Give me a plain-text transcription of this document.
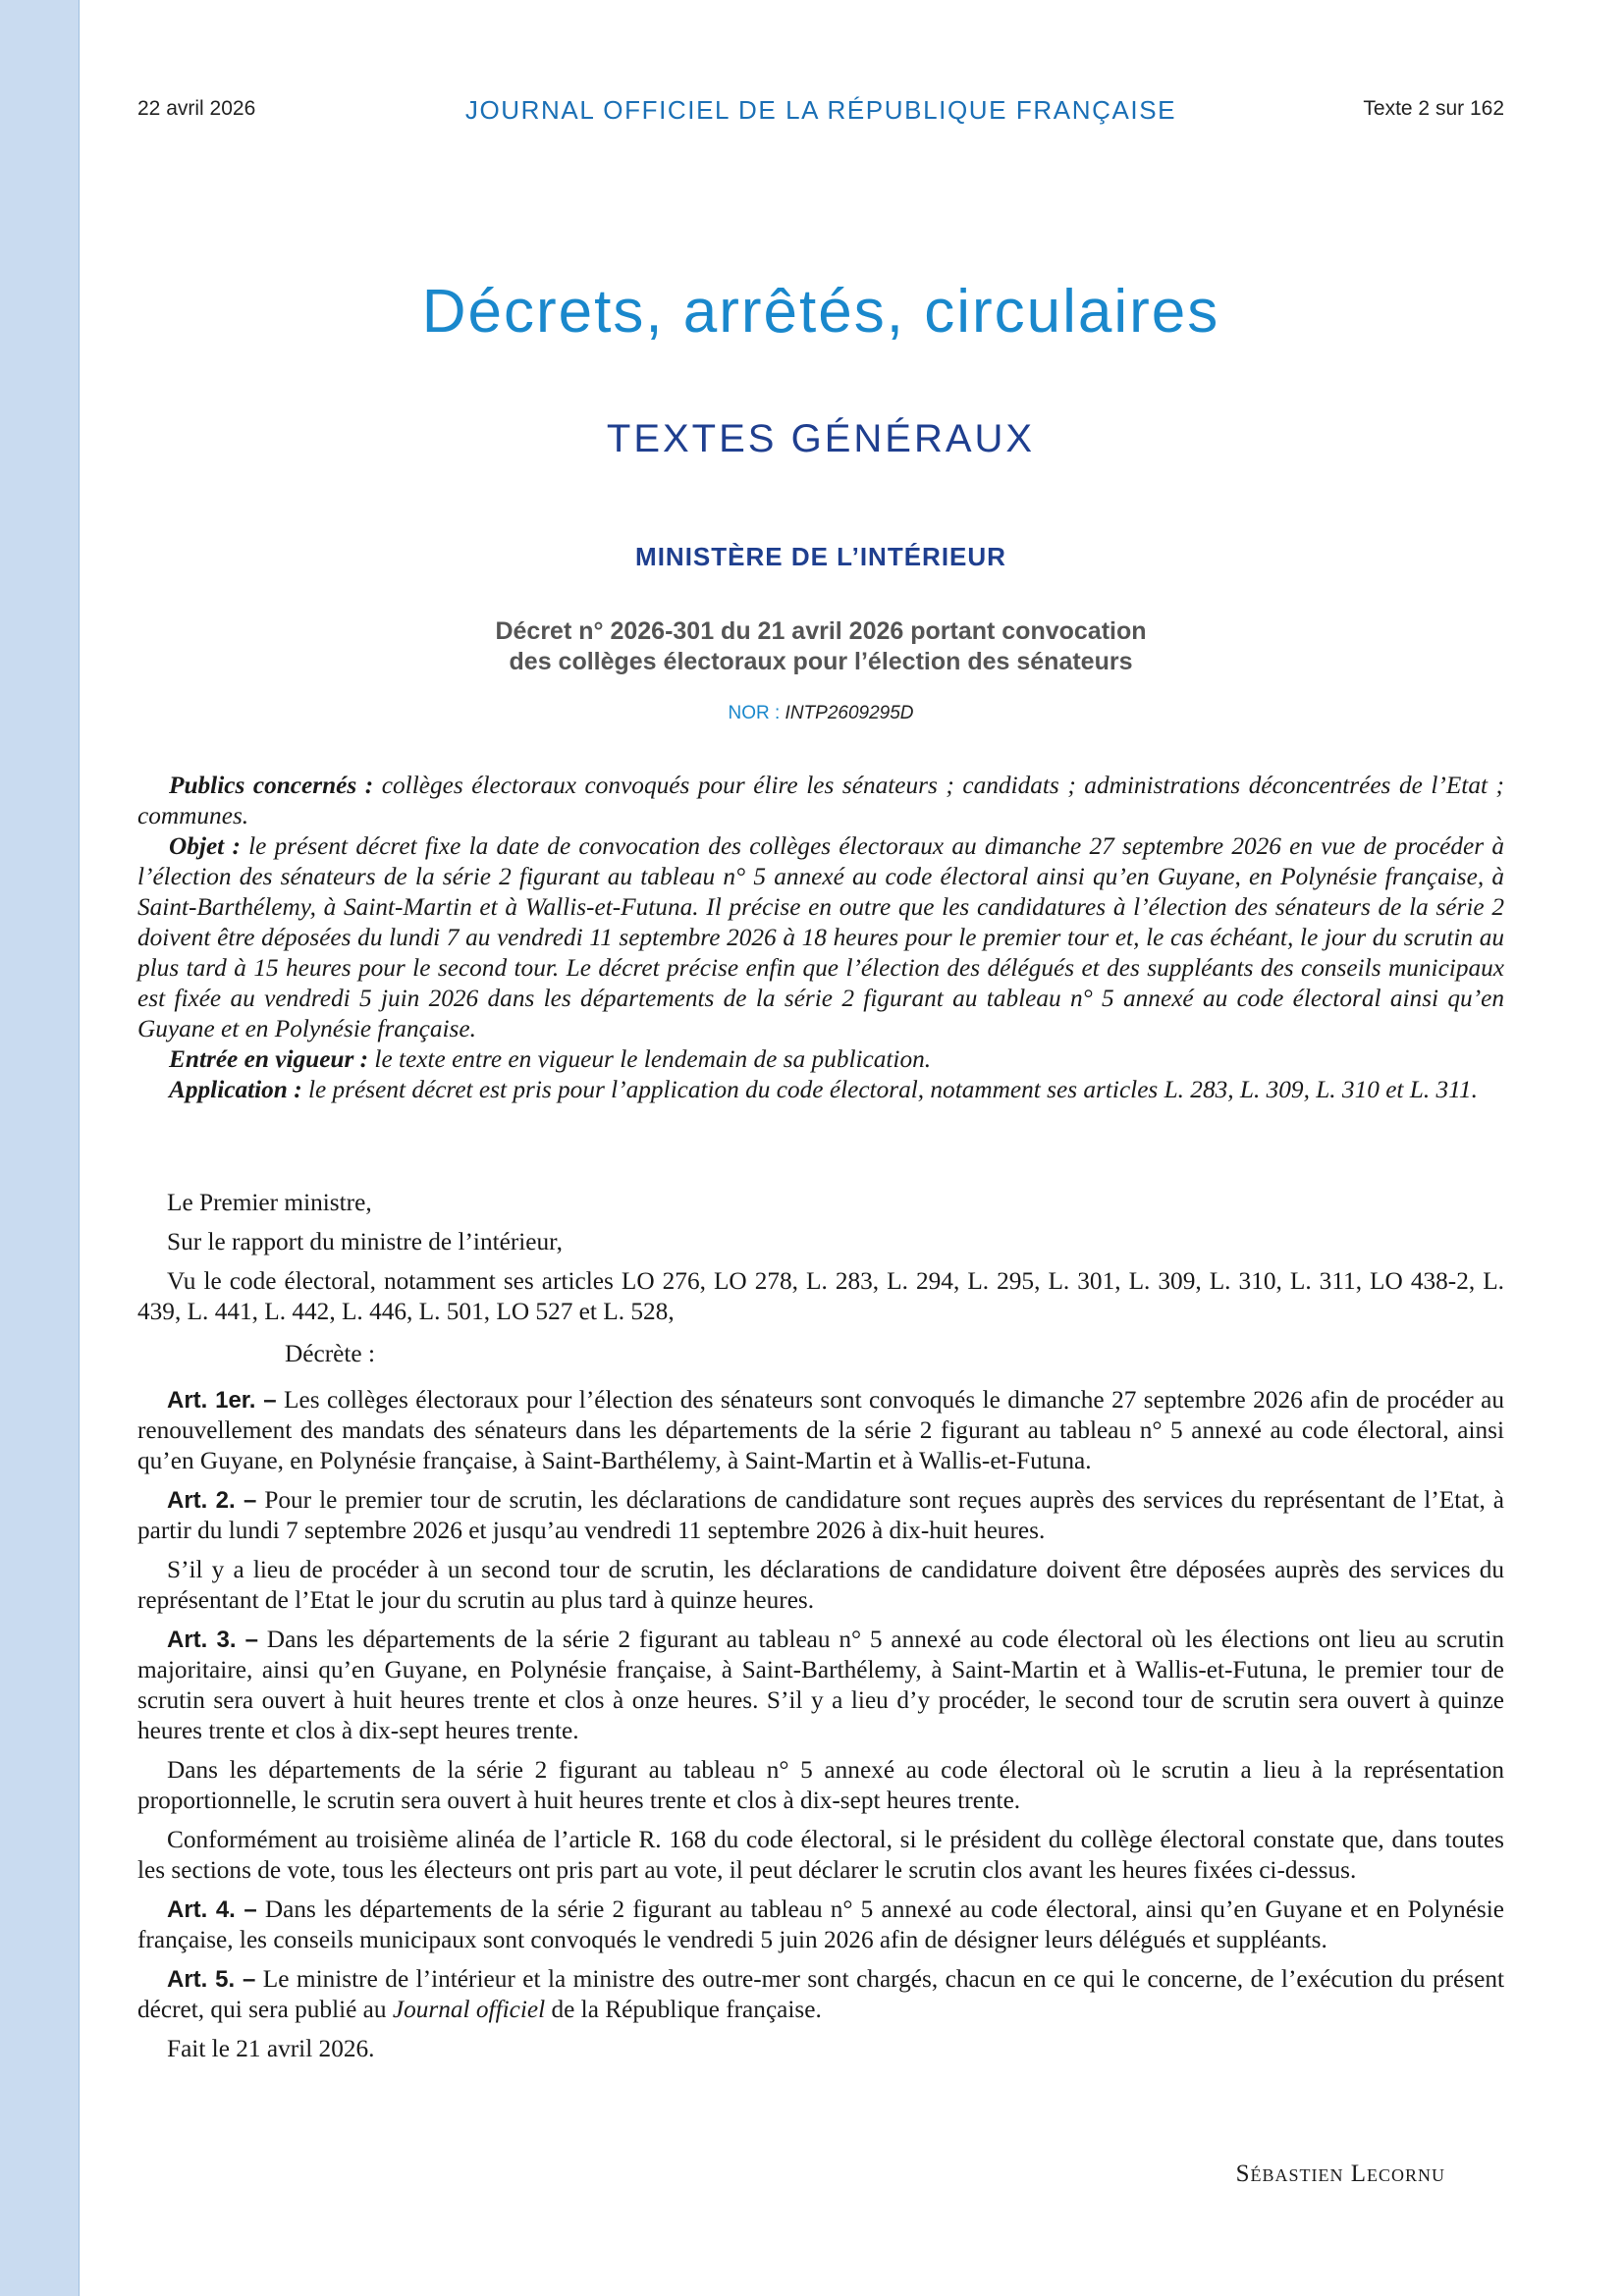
22 avril 2026	JOURNAL OFFICIEL DE LA RÉPUBLIQUE FRANÇAISE	Texte 2 sur 162
Décrets, arrêtés, circulaires
TEXTES GÉNÉRAUX
MINISTÈRE DE L’INTÉRIEUR
Décret n° 2026-301 du 21 avril 2026 portant convocation
des collèges électoraux pour l’élection des sénateurs
NOR : INTP2609295D

Publics concernés : collèges électoraux convoqués pour élire les sénateurs ; candidats ; administrations déconcentrées de l’Etat ; communes.

Objet : le présent décret fixe la date de convocation des collèges électoraux au dimanche 27 septembre 2026 en vue de procéder à l’élection des sénateurs de la série 2 figurant au tableau n° 5 annexé au code électoral ainsi qu’en Guyane, en Polynésie française, à Saint-Barthélemy, à Saint-Martin et à Wallis-et-Futuna. Il précise en outre que les candidatures à l’élection des sénateurs de la série 2 doivent être déposées du lundi 7 au vendredi 11 septembre 2026 à 18 heures pour le premier tour et, le cas échéant, le jour du scrutin au plus tard à 15 heures pour le second tour. Le décret précise enfin que l’élection des délégués et des suppléants des conseils municipaux est fixée au vendredi 5 juin 2026 dans les départements de la série 2 figurant au tableau n° 5 annexé au code électoral ainsi qu’en Guyane et en Polynésie française.

Entrée en vigueur : le texte entre en vigueur le lendemain de sa publication.

Application : le présent décret est pris pour l’application du code électoral, notamment ses articles L. 283, L. 309, L. 310 et L. 311.

Le Premier ministre,

Sur le rapport du ministre de l’intérieur,

Vu le code électoral, notamment ses articles LO 276, LO 278, L. 283, L. 294, L. 295, L. 301, L. 309, L. 310, L. 311, LO 438-2, L. 439, L. 441, L. 442, L. 446, L. 501, LO 527 et L. 528,

Décrète :

Art. 1er. – Les collèges électoraux pour l’élection des sénateurs sont convoqués le dimanche 27 septembre 2026 afin de procéder au renouvellement des mandats des sénateurs dans les départements de la série 2 figurant au tableau n° 5 annexé au code électoral, ainsi qu’en Guyane, en Polynésie française, à Saint-Barthélemy, à Saint-Martin et à Wallis-et-Futuna.

Art. 2. – Pour le premier tour de scrutin, les déclarations de candidature sont reçues auprès des services du représentant de l’Etat, à partir du lundi 7 septembre 2026 et jusqu’au vendredi 11 septembre 2026 à dix-huit heures.

S’il y a lieu de procéder à un second tour de scrutin, les déclarations de candidature doivent être déposées auprès des services du représentant de l’Etat le jour du scrutin au plus tard à quinze heures.

Art. 3. – Dans les départements de la série 2 figurant au tableau n° 5 annexé au code électoral où les élections ont lieu au scrutin majoritaire, ainsi qu’en Guyane, en Polynésie française, à Saint-Barthélemy, à Saint-Martin et à Wallis-et-Futuna, le premier tour de scrutin sera ouvert à huit heures trente et clos à onze heures. S’il y a lieu d’y procéder, le second tour de scrutin sera ouvert à quinze heures trente et clos à dix-sept heures trente.

Dans les départements de la série 2 figurant au tableau n° 5 annexé au code électoral où le scrutin a lieu à la représentation proportionnelle, le scrutin sera ouvert à huit heures trente et clos à dix-sept heures trente.

Conformément au troisième alinéa de l’article R. 168 du code électoral, si le président du collège électoral constate que, dans toutes les sections de vote, tous les électeurs ont pris part au vote, il peut déclarer le scrutin clos avant les heures fixées ci-dessus.

Art. 4. – Dans les départements de la série 2 figurant au tableau n° 5 annexé au code électoral, ainsi qu’en Guyane et en Polynésie française, les conseils municipaux sont convoqués le vendredi 5 juin 2026 afin de désigner leurs délégués et suppléants.

Art. 5. – Le ministre de l’intérieur et la ministre des outre-mer sont chargés, chacun en ce qui le concerne, de l’exécution du présent décret, qui sera publié au Journal officiel de la République française.

Fait le 21 avril 2026.

Sébastien Lecornu
